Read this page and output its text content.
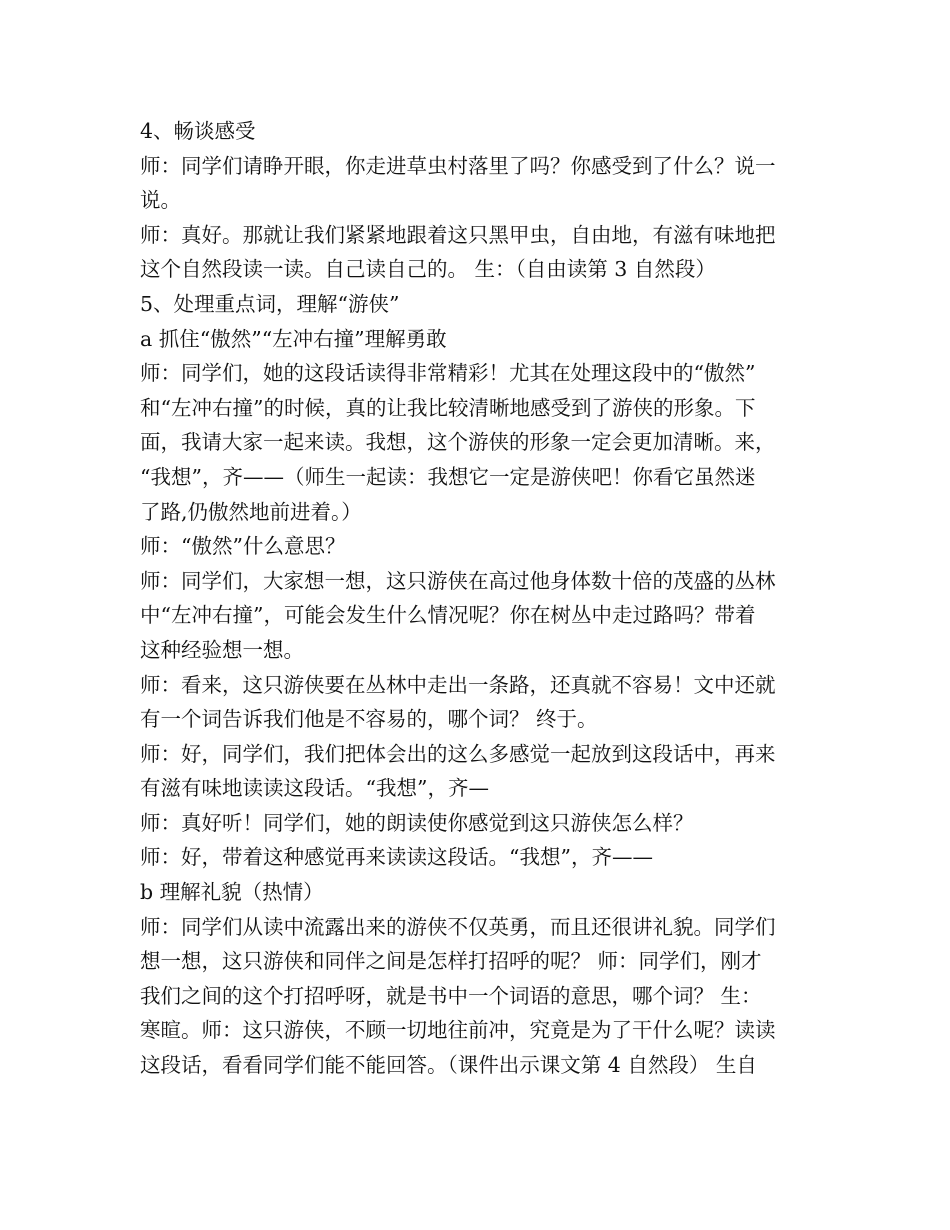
4、畅谈感受
师：同学们请睁开眼，你走进草虫村落里了吗？你感受到了什么？说一
说。
师：真好。那就让我们紧紧地跟着这只黑甲虫，自由地，有滋有味地把
这个自然段读一读。自己读自己的。 生：（自由读第 3 自然段）
5、处理重点词，理解“游侠”
a 抓住“傲然”“左冲右撞”理解勇敢
师：同学们，她的这段话读得非常精彩！尤其在处理这段中的“傲然”
和“左冲右撞”的时候，真的让我比较清晰地感受到了游侠的形象。下
面，我请大家一起来读。我想，这个游侠的形象一定会更加清晰。来，
“我想”，齐——（师生一起读：我想它一定是游侠吧！你看它虽然迷
了路,仍傲然地前进着。）
师：“傲然”什么意思？
师：同学们，大家想一想，这只游侠在高过他身体数十倍的茂盛的丛林
中“左冲右撞”，可能会发生什么情况呢？你在树丛中走过路吗？带着
这种经验想一想。
师：看来，这只游侠要在丛林中走出一条路，还真就不容易！文中还就
有一个词告诉我们他是不容易的，哪个词？ 终于。
师：好，同学们，我们把体会出的这么多感觉一起放到这段话中，再来
有滋有味地读读这段话。“我想”，齐—
师：真好听！同学们，她的朗读使你感觉到这只游侠怎么样？
师：好，带着这种感觉再来读读这段话。“我想”，齐——
b 理解礼貌（热情）
师：同学们从读中流露出来的游侠不仅英勇，而且还很讲礼貌。同学们
想一想，这只游侠和同伴之间是怎样打招呼的呢？ 师：同学们，刚才
我们之间的这个打招呼呀，就是书中一个词语的意思，哪个词？ 生：
寒暄。师：这只游侠，不顾一切地往前冲，究竟是为了干什么呢？读读
这段话，看看同学们能不能回答。（课件出示课文第 4 自然段） 生自
